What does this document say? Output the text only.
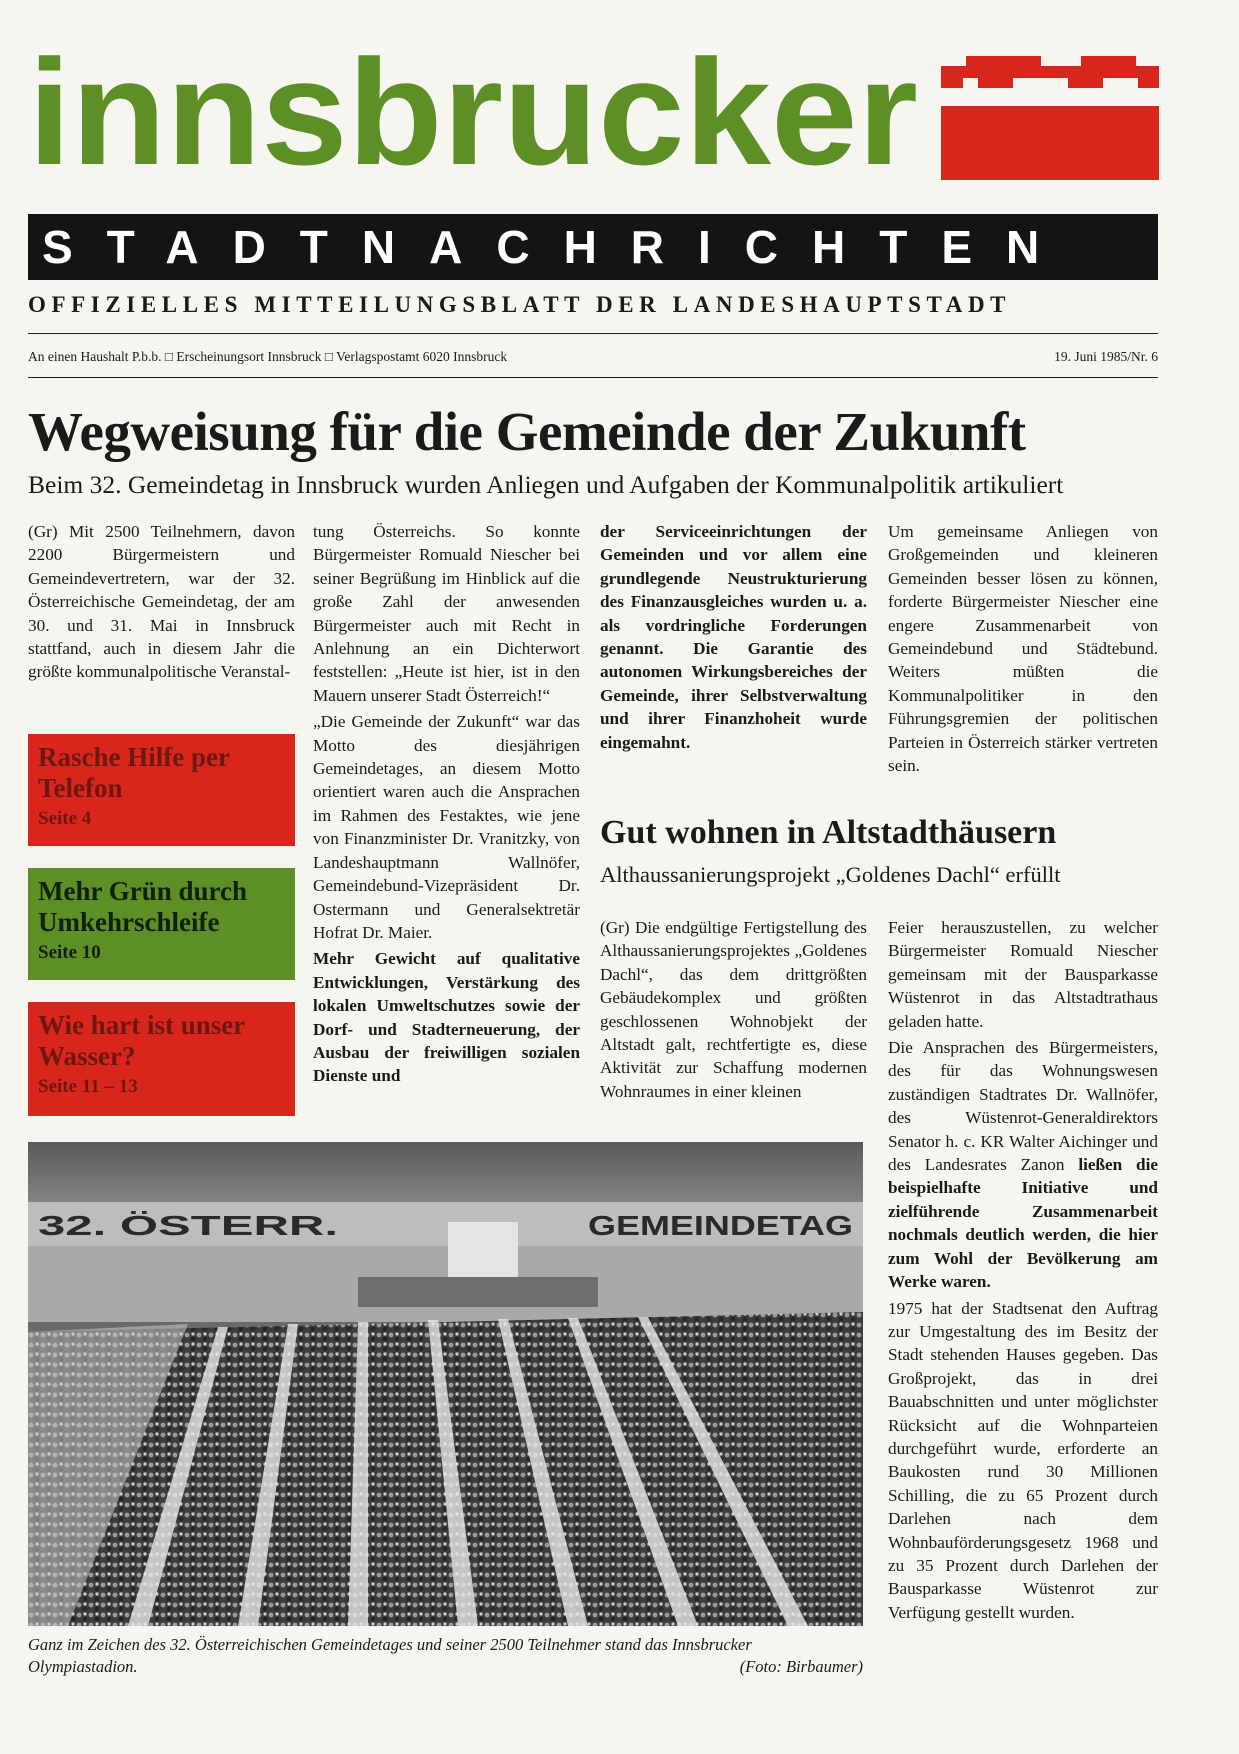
innsbrucker
STADTNACHRICHTEN
OFFIZIELLES MITTEILUNGSBLATT DER LANDESHAUPTSTADT
An einen Haushalt P.b.b. □ Erscheinungsort Innsbruck □ Verlagspostamt 6020 Innsbruck	19. Juni 1985/Nr. 6
Wegweisung für die Gemeinde der Zukunft
Beim 32. Gemeindetag in Innsbruck wurden Anliegen und Aufgaben der Kommunalpolitik artikuliert

(Gr) Mit 2500 Teilnehmern, davon 2200 Bürgermeistern und Gemeindevertretern, war der 32. Österreichische Gemeindetag, der am 30. und 31. Mai in Innsbruck stattfand, auch in diesem Jahr die größte kommunalpolitische Veranstal-

tung Österreichs. So konnte Bürgermeister Romuald Niescher bei seiner Begrüßung im Hinblick auf die große Zahl der anwesenden Bürgermeister auch mit Recht in Anlehnung an ein Dichterwort feststellen: „Heute ist hier, ist in den Mauern unserer Stadt Österreich!“

„Die Gemeinde der Zukunft“ war das Motto des diesjährigen Gemeindetages, an diesem Motto orientiert waren auch die Ansprachen im Rahmen des Festaktes, wie jene von Finanzminister Dr. Vranitzky, von Landeshauptmann Wallnöfer, Gemeindebund-Vizepräsident Dr. Ostermann und Generalsektretär Hofrat Dr. Maier.

Mehr Gewicht auf qualitative Entwicklungen, Verstärkung des lokalen Umweltschutzes sowie der Dorf- und Stadterneuerung, der Ausbau der freiwilligen sozialen Dienste und

der Serviceeinrichtungen der Gemeinden und vor allem eine grundlegende Neustrukturierung des Finanzausgleiches wurden u. a. als vordringliche Forderungen genannt. Die Garantie des autonomen Wirkungsbereiches der Gemeinde, ihrer Selbstverwaltung und ihrer Finanzhoheit wurde eingemahnt.

Um gemeinsame Anliegen von Großgemeinden und kleineren Gemeinden besser lösen zu können, forderte Bürgermeister Niescher eine engere Zusammenarbeit von Gemeindebund und Städtebund. Weiters müßten die Kommunalpolitiker in den Führungsgremien der politischen Parteien in Österreich stärker vertreten sein.

Rasche Hilfe per Telefon
Seite 4
Mehr Grün durch Umkehrschleife
Seite 10
Wie hart ist unser Wasser?
Seite 11 – 13
Gut wohnen in Altstadthäusern
Althaussanierungsprojekt „Goldenes Dachl“ erfüllt

(Gr) Die endgültige Fertigstellung des Althaussanierungsprojektes „Goldenes Dachl“, das dem drittgrößten Gebäudekomplex und größten geschlossenen Wohnobjekt der Altstadt galt, rechtfertigte es, diese Aktivität zur Schaffung modernen Wohnraumes in einer kleinen

Feier herauszustellen, zu welcher Bürgermeister Romuald Niescher gemeinsam mit der Bausparkasse Wüstenrot in das Altstadtrathaus geladen hatte.

Die Ansprachen des Bürgermeisters, des für das Wohnungswesen zuständigen Stadtrates Dr. Wallnöfer, des Wüstenrot-Generaldirektors Senator h. c. KR Walter Aichinger und des Landesrates Zanon ließen die beispielhafte Initiative und zielführende Zusammenarbeit nochmals deutlich werden, die hier zum Wohl der Bevölkerung am Werke waren.

1975 hat der Stadtsenat den Auftrag zur Umgestaltung des im Besitz der Stadt stehenden Hauses gegeben. Das Großprojekt, das in drei Bauabschnitten und unter möglichster Rücksicht auf die Wohnparteien durchgeführt wurde, erforderte an Baukosten rund 30 Millionen Schilling, die zu 65 Prozent durch Darlehen nach dem Wohnbauförderungsgesetz 1968 und zu 35 Prozent durch Darlehen der Bausparkasse Wüstenrot zur Verfügung gestellt wurden.

32. ÖSTERR.	GEMEINDETAG
Ganz im Zeichen des 32. Österreichischen Gemeindetages und seiner 2500 Teilnehmer stand das Innsbrucker Olympiastadion.	(Foto: Birbaumer)
